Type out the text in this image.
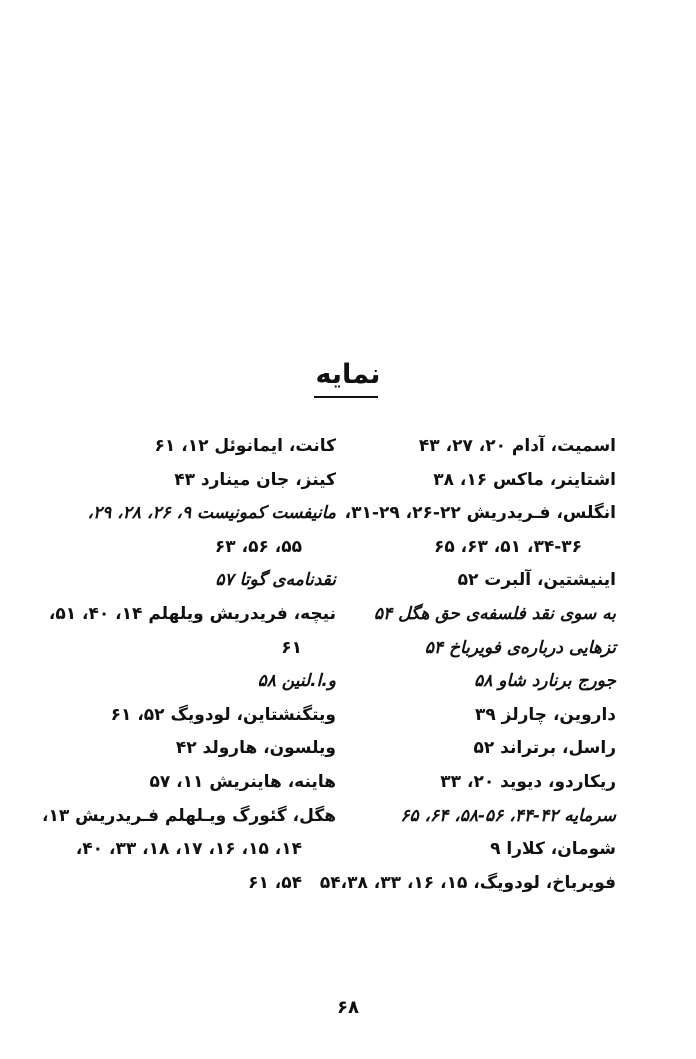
نمایه
اسمیت، آدام ۲۰، ۲۷، ۴۳
اشتاینر، ماکس ۱۶، ۳۸
انگلس، فـریدریش ۲۲-۲۶، ۲۹-۳۱،
۳۴-۳۶، ۵۱، ۶۳، ۶۵
اینیشتین، آلبرت ۵۲
به سوی نقد فلسفه‌ی حق هگل ۵۴
تزهایی درباره‌ی فویرباخ ۵۴
جورج برنارد شاو ۵۸
داروین، چارلز ۳۹
راسل، برتراند ۵۲
ریکاردو، دیوید ۲۰، ۳۳
سرمایه ۴۲-۴۴، ۵۶-۵۸، ۶۴، ۶۵
شومان، کلارا ۹
فویرباخ، لودویگ، ۱۵، ۱۶، ۳۳، ۵۴،۳۸
کانت، ایمانوئل ۱۲، ۶۱
کینز، جان مینارد ۴۳
مانیفست کمونیست ۹، ۲۶، ۲۸، ۲۹،
۵۵، ۵۶، ۶۳
نقدنامه‌ی گوتا ۵۷
نیچه، فریدریش ویلهلم ۱۴، ۴۰، ۵۱،
۶۱
و.ا.لنین ۵۸
ویتگنشتاین، لودویگ ۵۲، ۶۱
ویلسون، هارولد ۴۲
هاینه، هاینریش ۱۱، ۵۷
هگل، گئورگ ویـلهلم فـریدریش ۱۳،
۱۴، ۱۵، ۱۶، ۱۷، ۱۸، ۳۳، ۴۰،
۵۴، ۶۱
۶۸
